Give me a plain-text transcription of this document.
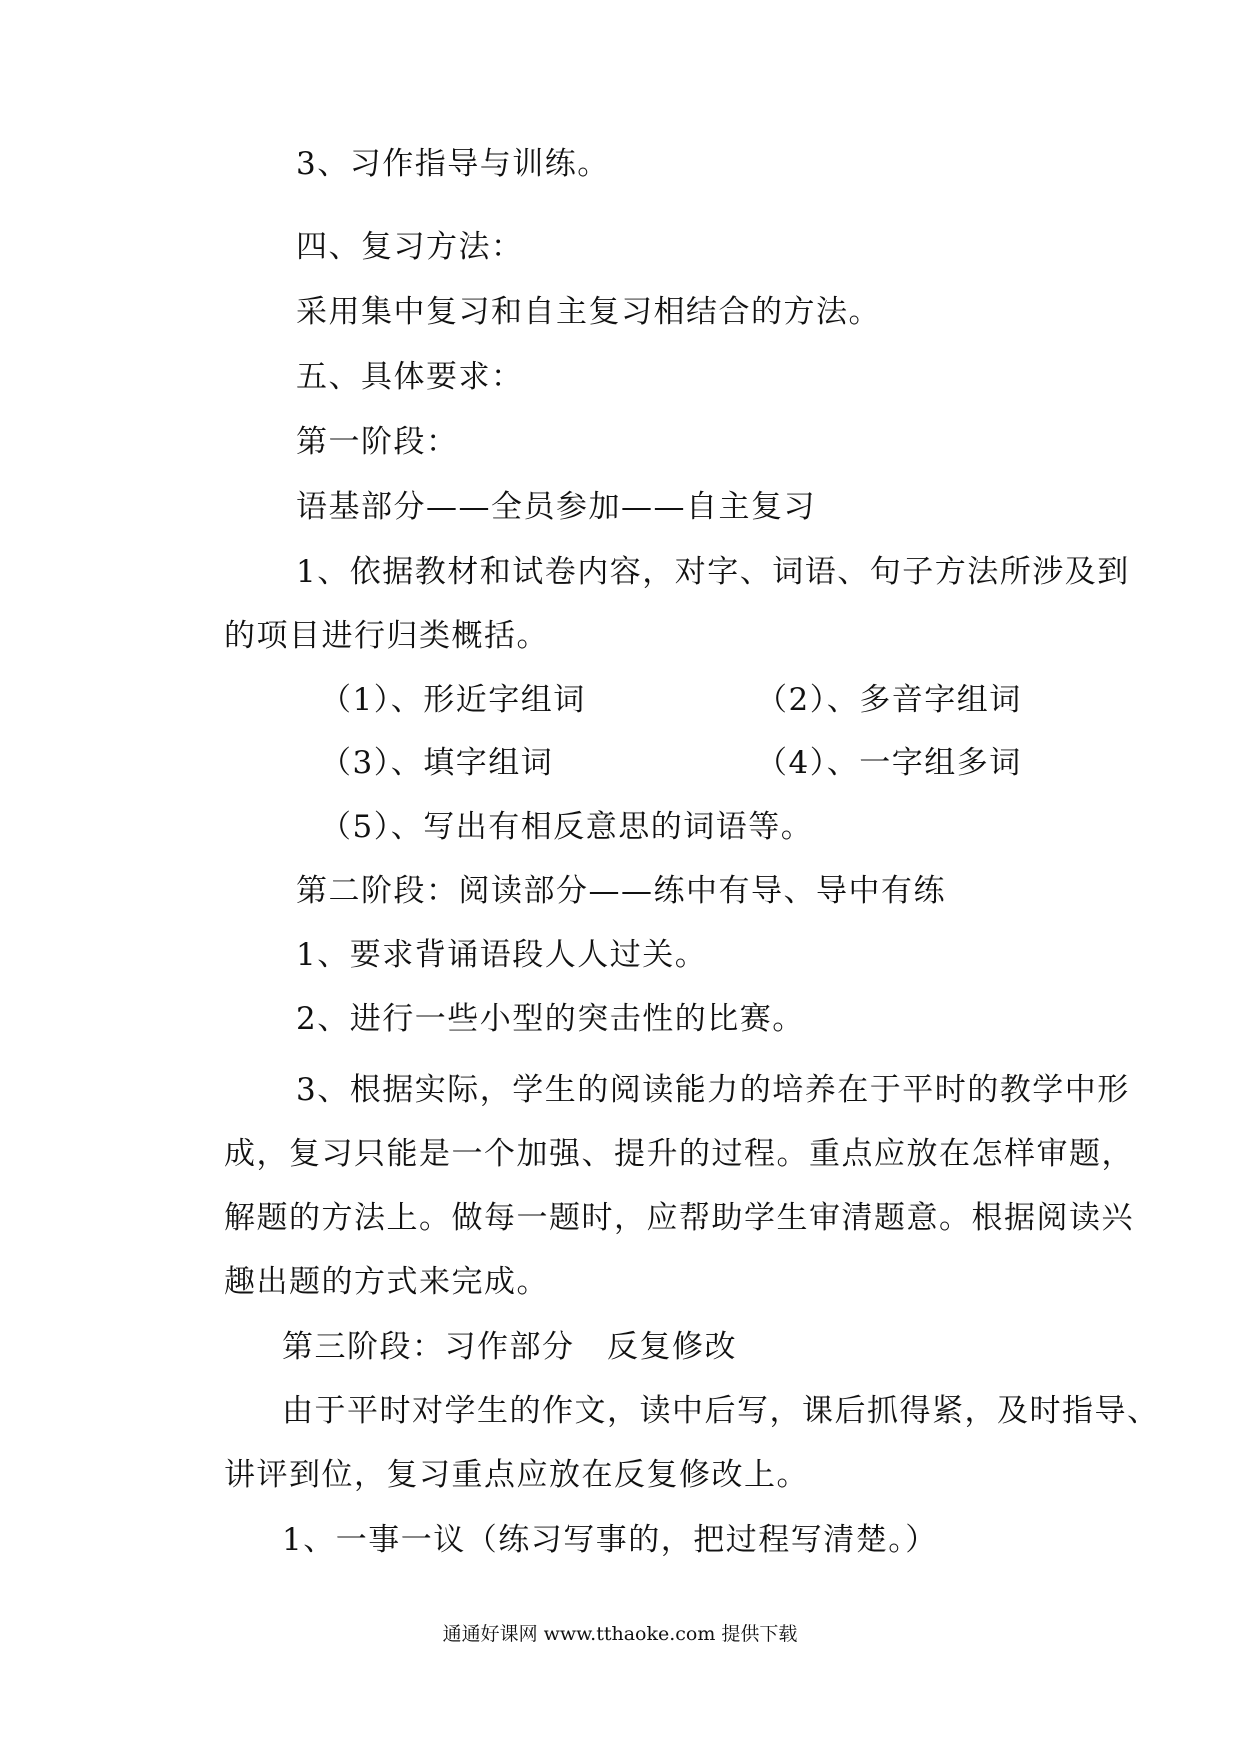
3、习作指导与训练。
四、复习方法：
采用集中复习和自主复习相结合的方法。
五、具体要求：
第一阶段：
语基部分——全员参加——自主复习
1、依据教材和试卷内容，对字、词语、句子方法所涉及到
的项目进行归类概括。
（1）、形近字组词	（2）、多音字组词
（3）、填字组词	（4）、一字组多词
（5）、写出有相反意思的词语等。
第二阶段：阅读部分——练中有导、导中有练
1、要求背诵语段人人过关。
2、进行一些小型的突击性的比赛。
3、根据实际，学生的阅读能力的培养在于平时的教学中形
成，复习只能是一个加强、提升的过程。重点应放在怎样审题，
解题的方法上。做每一题时，应帮助学生审清题意。根据阅读兴
趣出题的方式来完成。
第三阶段：习作部分　反复修改
由于平时对学生的作文，读中后写，课后抓得紧，及时指导、
讲评到位，复习重点应放在反复修改上。
1、一事一议（练习写事的，把过程写清楚。）
通通好课网 www.tthaoke.com 提供下载
